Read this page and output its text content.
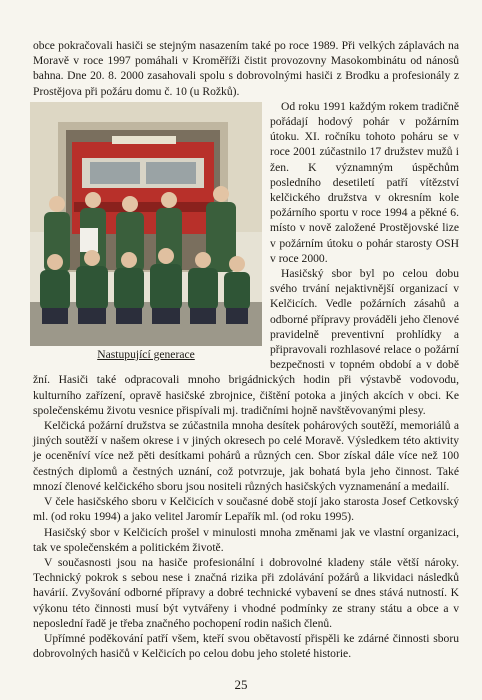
obce pokračovali hasiči se stejným nasazením také po roce 1989. Při velkých záplavách na Moravě v roce 1997 pomáhali v Kroměříži čistit provozovny Masokombinátu od nánosů bahna. Dne 20. 8. 2000 zasahovali spolu s dobrovolnými hasiči z Brodku a profesionály z Prostějova při požáru domu č. 10 (u Rožků).

Nastupující generace

Od roku 1991 každým rokem tradičně pořádají hodový pohár v požárním útoku. XI. ročníku tohoto poháru se v roce 2001 zúčastnilo 17 družstev mužů i žen. K významným úspěchům posledního desetiletí patří vítězství kelčického družstva v okresním kole požárního sportu v roce 1994 a pěkné 6. místo v nově založené Prostějovské lize v požárním útoku o pohár starosty OSH v roce 2000.

Hasičský sbor byl po celou dobu svého trvání nejaktivnější organizací v Kelčicích. Vedle požárních zásahů a odborné přípravy prováděli jeho členové pravidelně preventivní prohlídky a připravovali rozhlasové relace o požární bezpečnosti v topném období a v době žní. Hasiči také odpracovali mnoho brigádnických hodin při výstavbě vodovodu, kulturního zařízení, opravě hasičské zbrojnice, čištění potoka a jiných akcích v obci. Ke společenskému životu vesnice přispívali mj. tradičními hojně navštěvovanými plesy.

Kelčická požární družstva se zúčastnila mnoha desítek pohárových soutěží, memoriálů a jiných soutěží v našem okrese i v jiných okresech po celé Moravě. Výsledkem této aktivity je oceněníví více než pěti desítkami pohárů a různých cen. Sbor získal dále více než 100 čestných diplomů a čestných uznání, což potvrzuje, jak bohatá byla jeho činnost. Také mnozí členové kelčického sboru jsou nositeli různých hasičských vyznamenání a medailí.

V čele hasičského sboru v Kelčicích v současné době stojí jako starosta Josef Cetkovský ml. (od roku 1994) a jako velitel Jaromír Lepařík ml. (od roku 1995).

Hasičský sbor v Kelčicích prošel v minulosti mnoha změnami jak ve vlastní organizaci, tak ve společenském a politickém životě.

V současnosti jsou na hasiče profesionální i dobrovolné kladeny stále větší nároky. Technický pokrok s sebou nese i značná rizika při zdolávání požárů a likvidaci následků havárií. Zvyšování odborné přípravy a dobré technické vybavení se dnes stává nutností. K výkonu této činnosti musí být vytvářeny i vhodné podmínky ze strany státu a obce a v neposlední řadě je třeba značného pochopení rodin našich členů.

Upřímné poděkování patří všem, kteří svou obětavostí přispěli ke zdárné činnosti sboru dobrovolných hasičů v Kelčicích po celou dobu jeho stoleté historie.

25
